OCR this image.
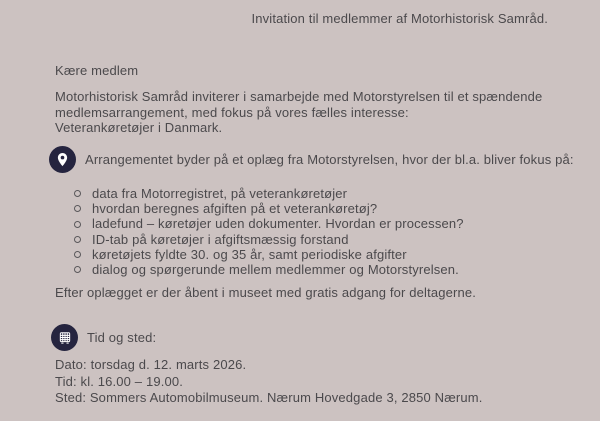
Invitation til medlemmer af Motorhistorisk Samråd.
Kære medlem
Motorhistorisk Samråd inviterer i samarbejde med Motorstyrelsen til et spændende
medlemsarrangement, med fokus på vores fælles interesse:
Veterankøretøjer i Danmark.
Arrangementet byder på et oplæg fra Motorstyrelsen, hvor der bl.a. bliver fokus på:
data fra Motorregistret, på veterankøretøjer
hvordan beregnes afgiften på et veterankøretøj?
ladefund – køretøjer uden dokumenter. Hvordan er processen?
ID-tab på køretøjer i afgiftsmæssig forstand
køretøjets fyldte 30. og 35 år, samt periodiske afgifter
dialog og spørgerunde mellem medlemmer og Motorstyrelsen.
Efter oplægget er der åbent i museet med gratis adgang for deltagerne.
Tid og sted:
Dato: torsdag d. 12. marts 2026.
Tid: kl. 16.00 – 19.00.
Sted: Sommers Automobilmuseum. Nærum Hovedgade 3, 2850 Nærum.
